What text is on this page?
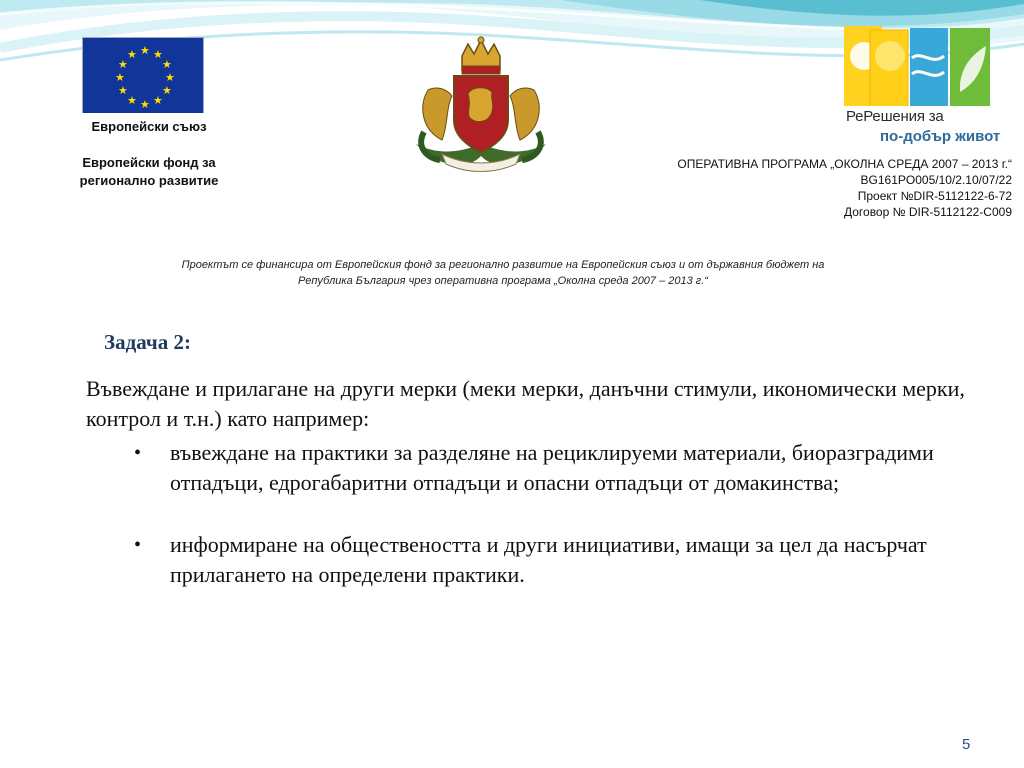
★ ★
★
★
★
★
★
★
★
★
★
★
Европейски съюз
Европейски фонд за регионално развитие
РеРешения за
по-добър живот
ОПЕРАТИВНА ПРОГРАМА „ОКОЛНА СРЕДА 2007 – 2013 г.“
BG161PO005/10/2.10/07/22
Проект №DIR-5112122-6-72
Договор № DIR-5112122-С009
Проектът се финансира от Европейския фонд за регионално развитие на Европейския съюз и от държавния бюджет на
Република България чрез оперативна програма „Околна среда 2007 – 2013 г.“
Задача 2:
Въвеждане и прилагане на други мерки (меки мерки, данъчни стимули, икономически мерки, контрол и т.н.) като например:
• въвеждане на практики за разделяне на рециклируеми материали, биоразградими отпадъци, едрогабаритни отпадъци и опасни отпадъци от домакинства;
• информиране на обществеността и други инициативи, имащи за цел да насърчат прилагането на определени практики.
5
